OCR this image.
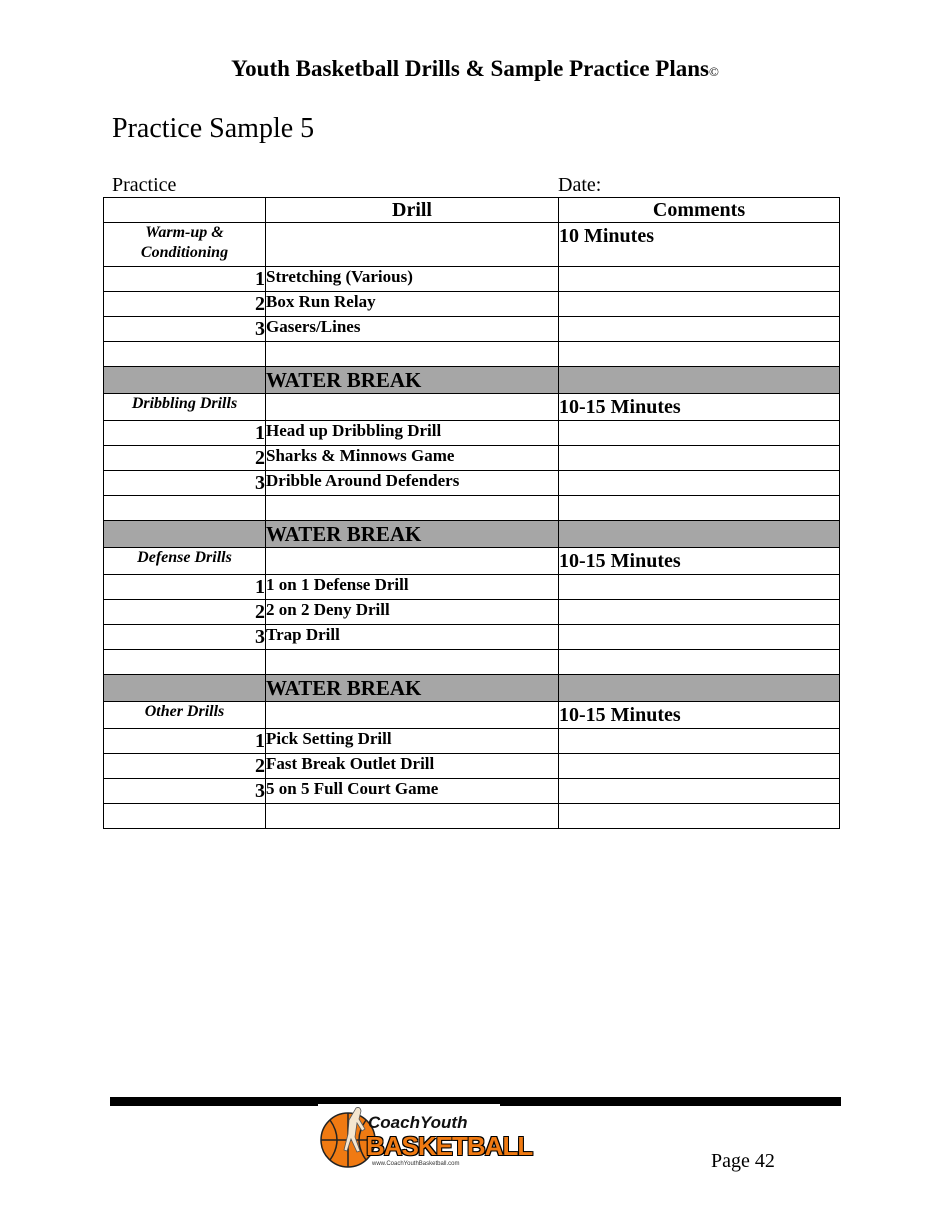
Youth Basketball Drills & Sample Practice Plans©
Practice Sample 5
Practice	Date:
	Drill	Comments
Warm-up & Conditioning		10 Minutes
1	Stretching (Various)	
2	Box Run Relay	
3	Gasers/Lines	

	WATER BREAK	
Dribbling Drills		10-15 Minutes
1	Head up Dribbling Drill	
2	Sharks & Minnows Game	
3	Dribble Around Defenders	

	WATER BREAK	
Defense Drills		10-15 Minutes
1	1 on 1 Defense Drill	
2	2 on 2 Deny Drill	
3	Trap Drill	

	WATER BREAK	
Other Drills		10-15 Minutes
1	Pick Setting Drill	
2	Fast Break Outlet Drill	
3	5 on 5 Full Court Game	

CoachYouth
BASKETBALL
www.CoachYouthBasketball.com	Page 42
